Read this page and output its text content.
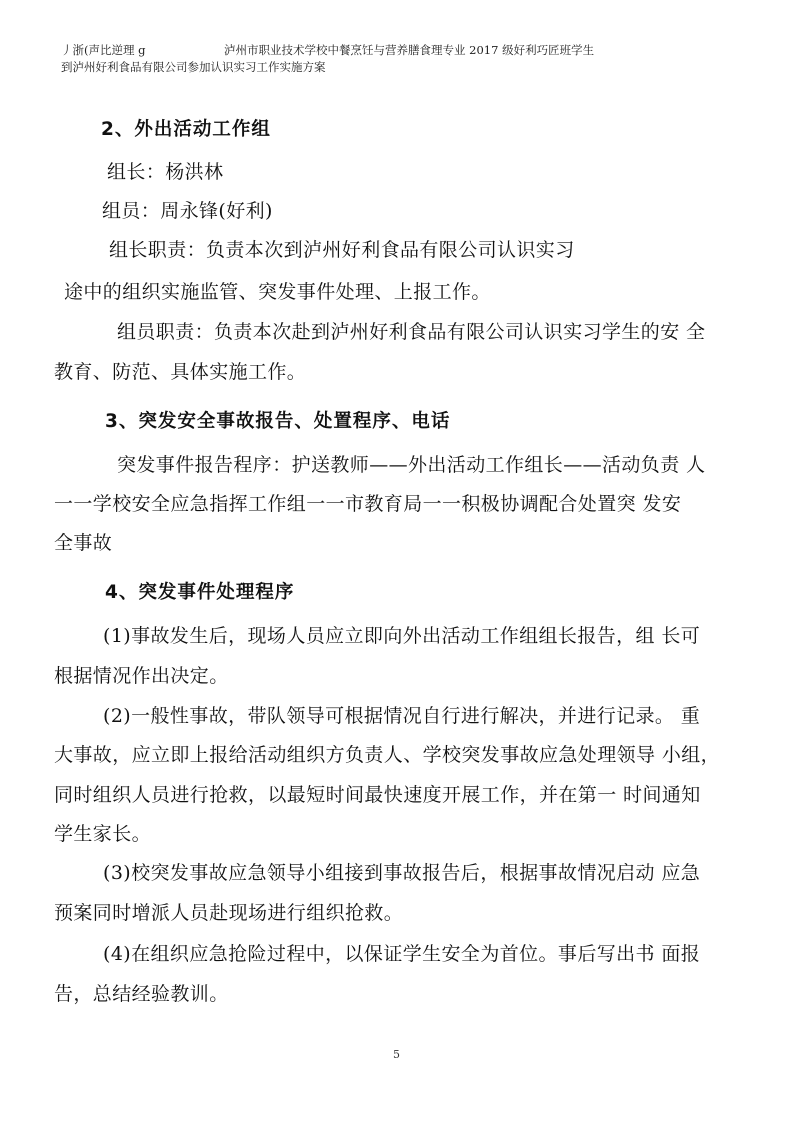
丿浙(声比逆理 g	泸州市职业技术学校中餐烹饪与营养膳食理专业 2017 级好利巧匠班学生
到泸州好利食品有限公司参加认识实习工作实施方案
2、外出活动工作组
组长：杨洪林
组员：周永锋(好利)
组长职责：负责本次到泸州好利食品有限公司认识实习
途中的组织实施监管、突发事件处理、上报工作。
组员职责：负责本次赴到泸州好利食品有限公司认识实习学生的安 全
教育、防范、具体实施工作。
3、突发安全事故报告、处置程序、电话
突发事件报告程序：护送教师——外出活动工作组长——活动负责 人
一一学校安全应急指挥工作组一一市教育局一一积极协调配合处置突 发安
全事故
4、突发事件处理程序
(1)事故发生后，现场人员应立即向外出活动工作组组长报告，组 长可
根据情况作出决定。
(2)一般性事故，带队领导可根据情况自行进行解决，并进行记录。 重
大事故，应立即上报给活动组织方负责人、学校突发事故应急处理领导 小组，
同时组织人员进行抢救，以最短时间最快速度开展工作，并在第一 时间通知
学生家长。
(3)校突发事故应急领导小组接到事故报告后，根据事故情况启动 应急
预案同时增派人员赴现场进行组织抢救。
(4)在组织应急抢险过程中，以保证学生安全为首位。事后写出书 面报
告，总结经验教训。
5
